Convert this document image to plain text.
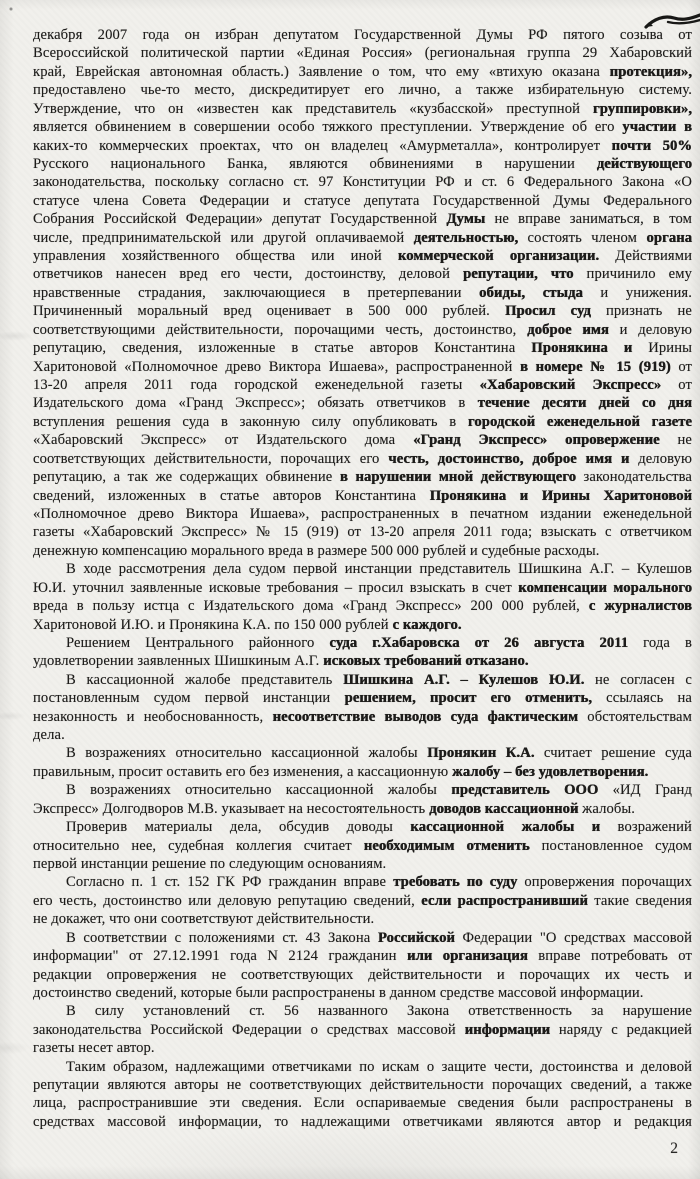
декабря 2007 года он избран депутатом Государственной Думы РФ пятого созыва от
Всероссийской политической партии «Единая Россия» (региональная группа 29 Хабаровский
край, Еврейская автономная область.) Заявление о том, что ему «втихую оказана протекция»,
предоставлено чье-то место, дискредитирует его лично, а также избирательную систему.
Утверждение, что он «известен как представитель «кузбасской» преступной группировки»,
является обвинением в совершении особо тяжкого преступлении. Утверждение об его участии в
каких-то коммерческих проектах, что он владелец «Амурметалла», контролирует почти 50%
Русского национального Банка, являются обвинениями в нарушении действующего
законодательства, поскольку согласно ст. 97 Конституции РФ и ст. 6 Федерального Закона «О
статусе члена Совета Федерации и статусе депутата Государственной Думы Федерального
Собрания Российской Федерации» депутат Государственной Думы не вправе заниматься, в том
числе, предпринимательской или другой оплачиваемой деятельностью, состоять членом органа
управления хозяйственного общества или иной коммерческой организации. Действиями
ответчиков нанесен вред его чести, достоинству, деловой репутации, что причинило ему
нравственные страдания, заключающиеся в претерпевании обиды, стыда и унижения.
Причиненный моральный вред оценивает в 500 000 рублей. Просил суд признать не
соответствующими действительности, порочащими честь, достоинство, доброе имя и деловую
репутацию, сведения, изложенные в статье авторов Константина Пронякина и Ирины
Харитоновой «Полномочное древо Виктора Ишаева», распространенной в номере № 15 (919) от
13-20 апреля 2011 года городской еженедельной газеты «Хабаровский Экспресс» от
Издательского дома «Гранд Экспресс»; обязать ответчиков в течение десяти дней со дня
вступления решения суда в законную силу опубликовать в городской еженедельной газете
«Хабаровский Экспресс» от Издательского дома «Гранд Экспресс» опровержение не
соответствующих действительности, порочащих его честь, достоинство, доброе имя и деловую
репутацию, а так же содержащих обвинение в нарушении мной действующего законодательства
сведений, изложенных в статье авторов Константина Пронякина и Ирины Харитоновой
«Полномочное древо Виктора Ишаева», распространенных в печатном издании еженедельной
газеты «Хабаровский Экспресс» № 15 (919) от 13-20 апреля 2011 года; взыскать с ответчиком
денежную компенсацию морального вреда в размере 500 000 рублей и судебные расходы.
В ходе рассмотрения дела судом первой инстанции представитель Шишкина А.Г. – Кулешов
Ю.И. уточнил заявленные исковые требования – просил взыскать в счет компенсации морального
вреда в пользу истца с Издательского дома «Гранд Экспресс» 200 000 рублей, с журналистов
Харитоновой И.Ю. и Пронякина К.А. по 150 000 рублей с каждого.
Решением Центрального районного суда г.Хабаровска от 26 августа 2011 года в
удовлетворении заявленных Шишкиным А.Г. исковых требований отказано.
В кассационной жалобе представитель Шишкина А.Г. – Кулешов Ю.И. не согласен с
постановленным судом первой инстанции решением, просит его отменить, ссылаясь на
незаконность и необоснованность, несоответствие выводов суда фактическим обстоятельствам
дела.
В возражениях относительно кассационной жалобы Пронякин К.А. считает решение суда
правильным, просит оставить его без изменения, а кассационную жалобу – без удовлетворения.
В возражениях относительно кассационной жалобы представитель ООО «ИД Гранд
Экспресс» Долгодворов М.В. указывает на несостоятельность доводов кассационной жалобы.
Проверив материалы дела, обсудив доводы кассационной жалобы и возражений
относительно нее, судебная коллегия считает необходимым отменить постановленное судом
первой инстанции решение по следующим основаниям.
Согласно п. 1 ст. 152 ГК РФ гражданин вправе требовать по суду опровержения порочащих
его честь, достоинство или деловую репутацию сведений, если распространивший такие сведения
не докажет, что они соответствуют действительности.
В соответствии с положениями ст. 43 Закона Российской Федерации "О средствах массовой
информации" от 27.12.1991 года N 2124 гражданин или организация вправе потребовать от
редакции опровержения не соответствующих действительности и порочащих их честь и
достоинство сведений, которые были распространены в данном средстве массовой информации.
В силу установлений ст. 56 названного Закона ответственность за нарушение
законодательства Российской Федерации о средствах массовой информации наряду с редакцией
газеты несет автор.
Таким образом, надлежащими ответчиками по искам о защите чести, достоинства и деловой
репутации являются авторы не соответствующих действительности порочащих сведений, а также
лица, распространившие эти сведения. Если оспариваемые сведения были распространены в
средствах массовой информации, то надлежащими ответчиками являются автор и редакция
2
